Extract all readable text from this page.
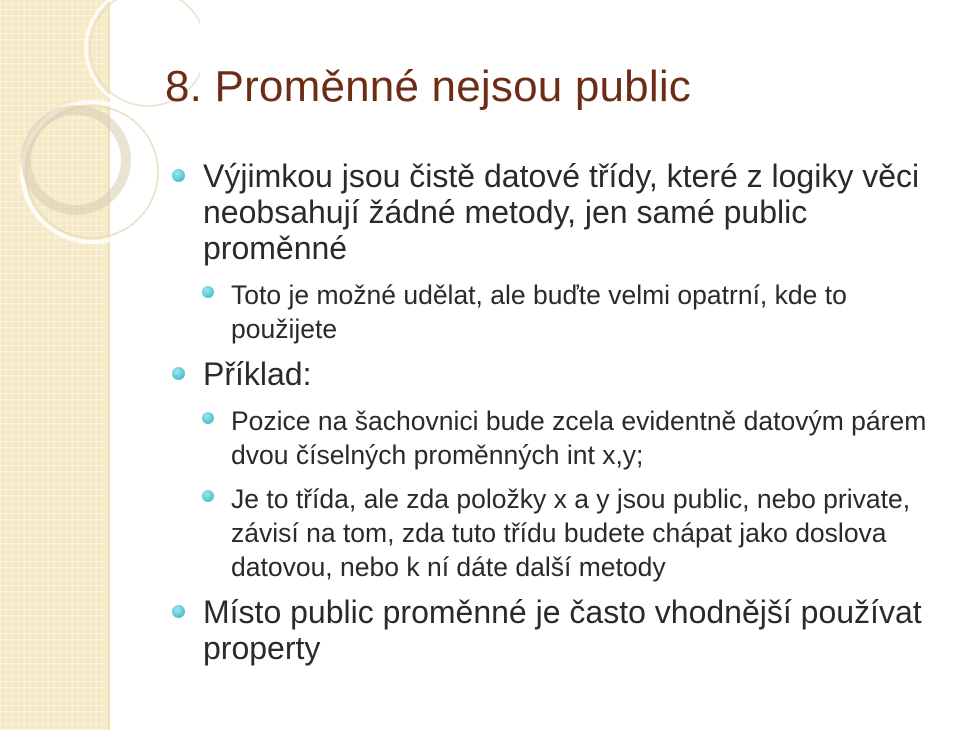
8. Proměnné nejsou public
Výjimkou jsou čistě datové třídy, které z logiky věci neobsahují žádné metody, jen samé public proměnné
Toto je možné udělat, ale buďte velmi opatrní, kde to použijete
Příklad:
Pozice na šachovnici bude zcela evidentně datovým párem dvou číselných proměnných int x,y;
Je to třída, ale zda položky x a y jsou public, nebo private, závisí na tom, zda tuto třídu budete chápat jako doslova datovou, nebo k ní dáte další metody
Místo public proměnné je často vhodnější používat property
